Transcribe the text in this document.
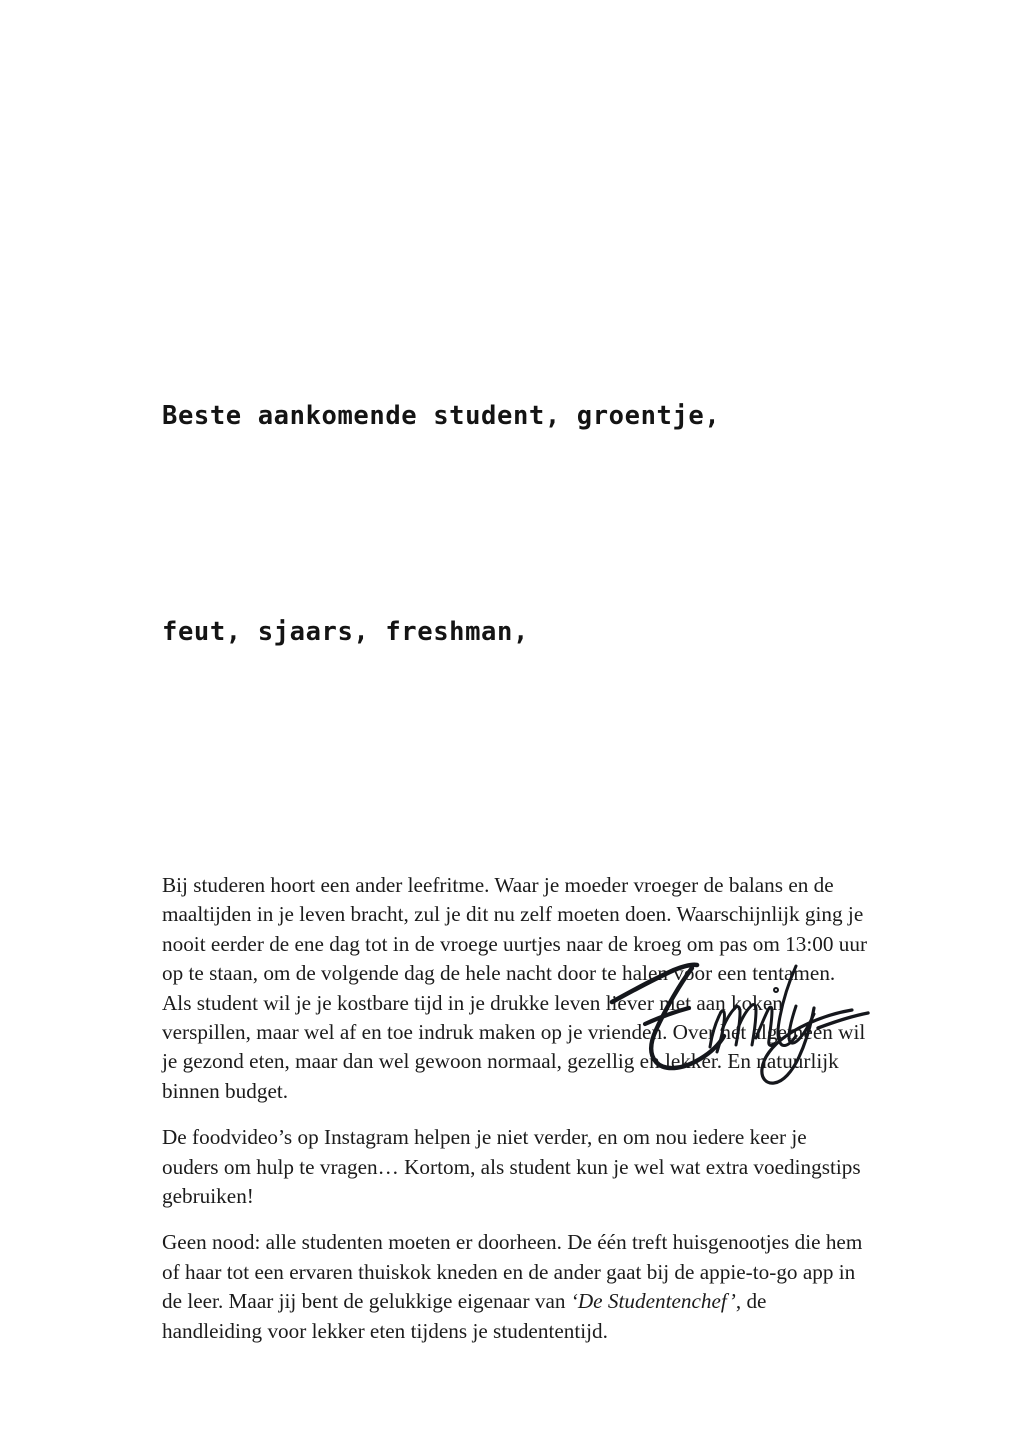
Beste aankomende student, groentje,

feut, sjaars, freshman,

Bij studeren hoort een ander leefritme. Waar je moeder vroeger de balans en de maaltijden in je leven bracht, zul je dit nu zelf moeten doen. Waarschijnlijk ging je nooit eerder de ene dag tot in de vroege uurtjes naar de kroeg om pas om 13:00 uur op te staan, om de volgende dag de hele nacht door te halen voor een tentamen. Als student wil je je kostbare tijd in je drukke leven liever niet aan koken verspillen, maar wel af en toe indruk maken op je vrienden. Over het algemeen wil je gezond eten, maar dan wel gewoon normaal, gezellig en lekker. En natuurlijk binnen budget.

De foodvideo’s op Instagram helpen je niet verder, en om nou iedere keer je ouders om hulp te vragen… Kortom, als student kun je wel wat extra voedingstips gebruiken!

Geen nood: alle studenten moeten er doorheen. De één treft huisgenootjes die hem of haar tot een ervaren thuiskok kneden en de ander gaat bij de appie-to-go app in de leer. Maar jij bent de gelukkige eigenaar van ‘De Studentenchef’, de handleiding voor lekker eten tijdens je studententijd.
